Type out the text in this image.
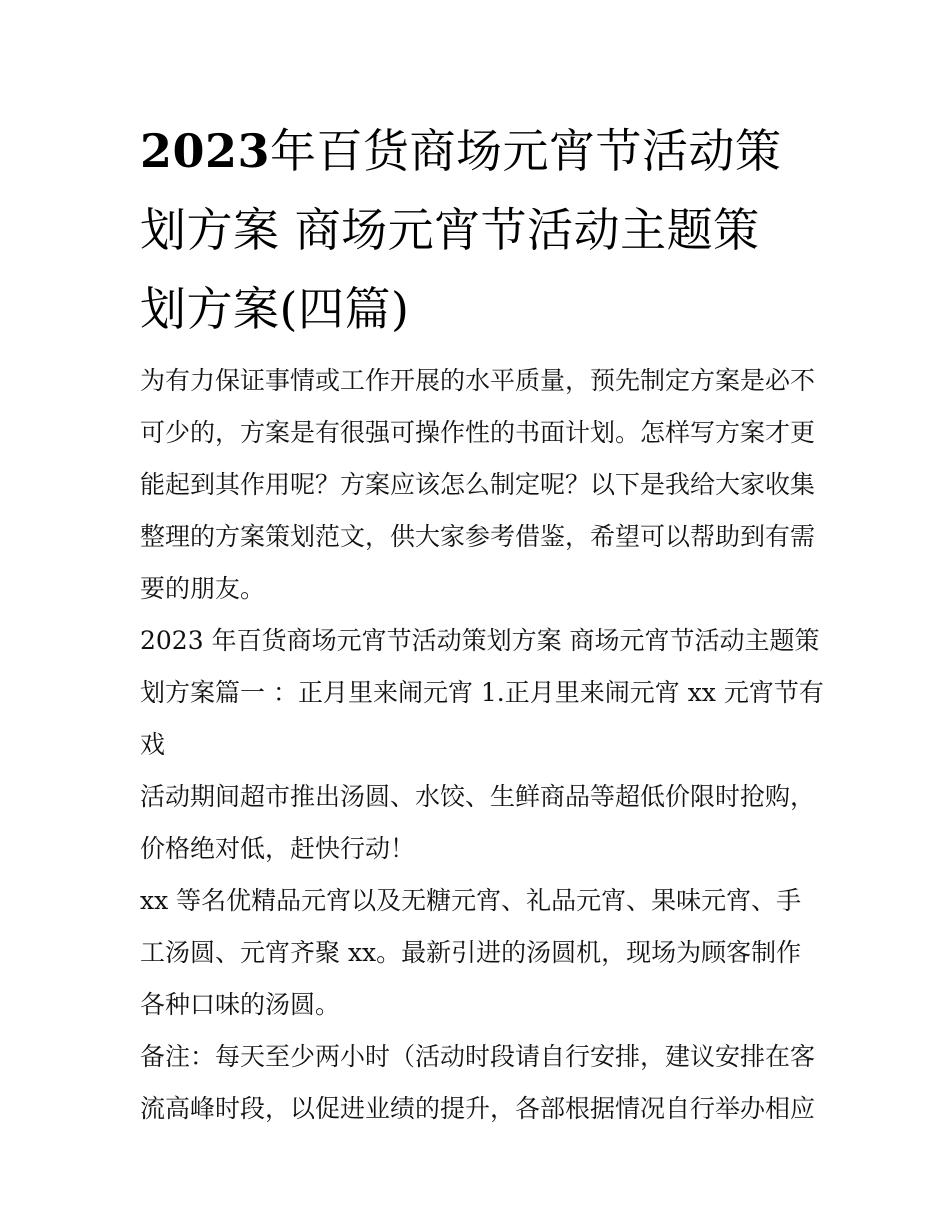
2023年百货商场元宵节活动策
划方案 商场元宵节活动主题策
划方案(四篇)

为有力保证事情或工作开展的水平质量，预先制定方案是必不
可少的，方案是有很强可操作性的书面计划。怎样写方案才更
能起到其作用呢？方案应该怎么制定呢？以下是我给大家收集
整理的方案策划范文，供大家参考借鉴，希望可以帮助到有需
要的朋友。

2023 年百货商场元宵节活动策划方案 商场元宵节活动主题策
划方案篇一 ：正月里来闹元宵 1.正月里来闹元宵 xx 元宵节有
戏

活动期间超市推出汤圆、水饺、生鲜商品等超低价限时抢购，
价格绝对低，赶快行动！

xx 等名优精品元宵以及无糖元宵、礼品元宵、果味元宵、手
工汤圆、元宵齐聚 xx。最新引进的汤圆机，现场为顾客制作
各种口味的汤圆。

备注：每天至少两小时（活动时段请自行安排，建议安排在客
流高峰时段，以促进业绩的提升，各部根据情况自行举办相应
